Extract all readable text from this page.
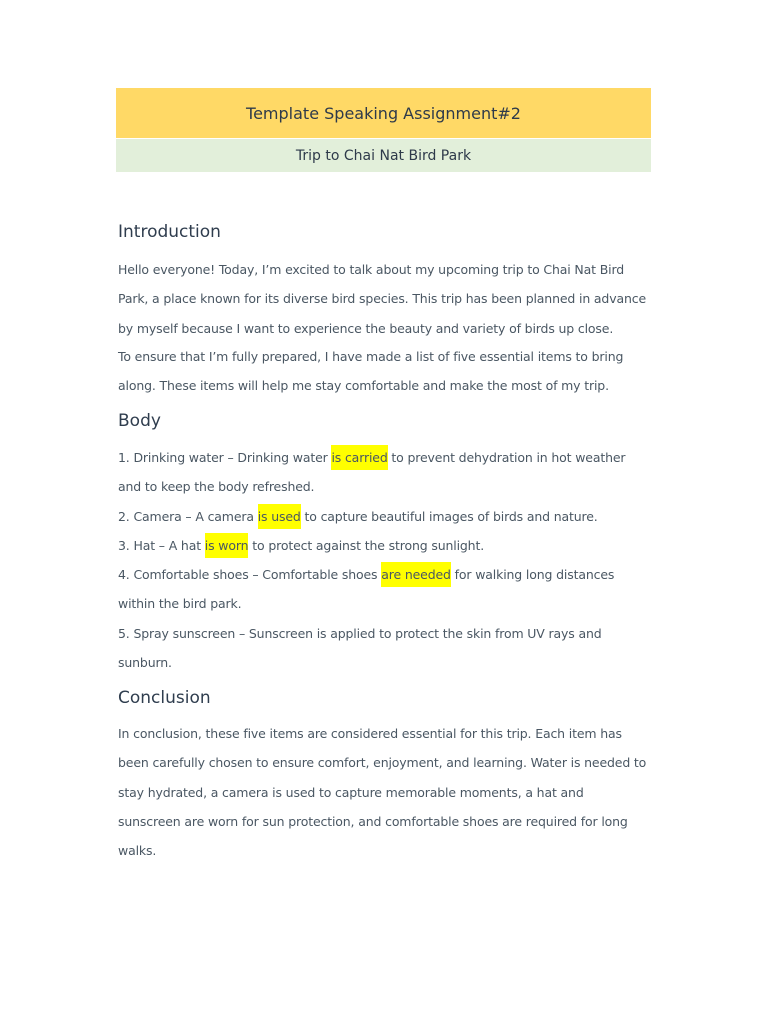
Template Speaking Assignment#2
Trip to Chai Nat Bird Park
Introduction

Hello everyone! Today, I’m excited to talk about my upcoming trip to Chai Nat Bird Park, a place known for its diverse bird species. This trip has been planned in advance by myself because I want to experience the beauty and variety of birds up close.

To ensure that I’m fully prepared, I have made a list of five essential items to bring along. These items will help me stay comfortable and make the most of my trip.

Body
1. Drinking water – Drinking water is carried to prevent dehydration in hot weather and to keep the body refreshed.
2. Camera – A camera is used to capture beautiful images of birds and nature.
3. Hat – A hat is worn to protect against the strong sunlight.
4. Comfortable shoes – Comfortable shoes are needed for walking long distances within the bird park.
5. Spray sunscreen – Sunscreen is applied to protect the skin from UV rays and sunburn.
Conclusion

In conclusion, these five items are considered essential for this trip. Each item has been carefully chosen to ensure comfort, enjoyment, and learning. Water is needed to stay hydrated, a camera is used to capture memorable moments, a hat and sunscreen are worn for sun protection, and comfortable shoes are required for long walks.
